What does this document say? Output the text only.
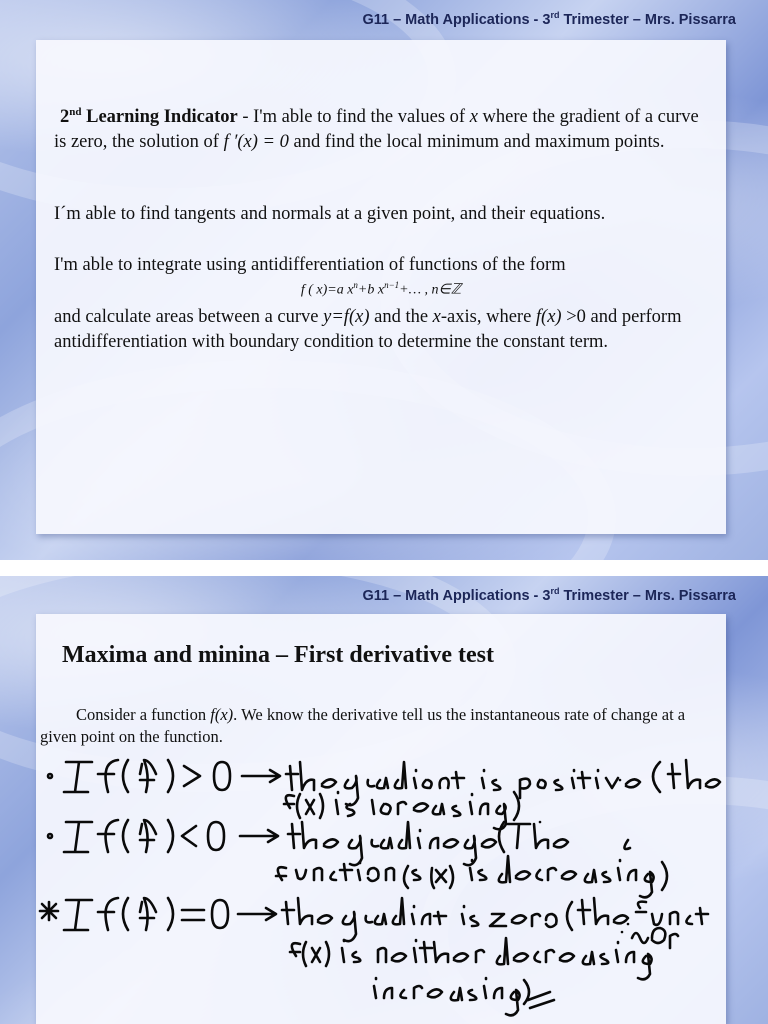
G11 – Math Applications - 3rd Trimester – Mrs. Pissarra
2nd Learning Indicator - I'm able to find the values of x where the gradient of a curve is zero, the solution of f ′(x) = 0 and find the local minimum and maximum points.
I´m able to find tangents and normals at a given point, and their equations.
I'm able to integrate using antidifferentiation of functions of the form
f ( x)=a $x^n+b$ $x^{n-1}+\dots$ , n∈ℤ
and calculate areas between a curve y=f(x) and the x-axis, where f(x) >0 and perform antidifferentiation with boundary condition to determine the constant term.
G11 – Math Applications - 3rd Trimester – Mrs. Pissarra
Maxima and minina – First derivative test
Consider a function f(x). We know the derivative tell us the instantaneous rate of change at a given point on the function.
